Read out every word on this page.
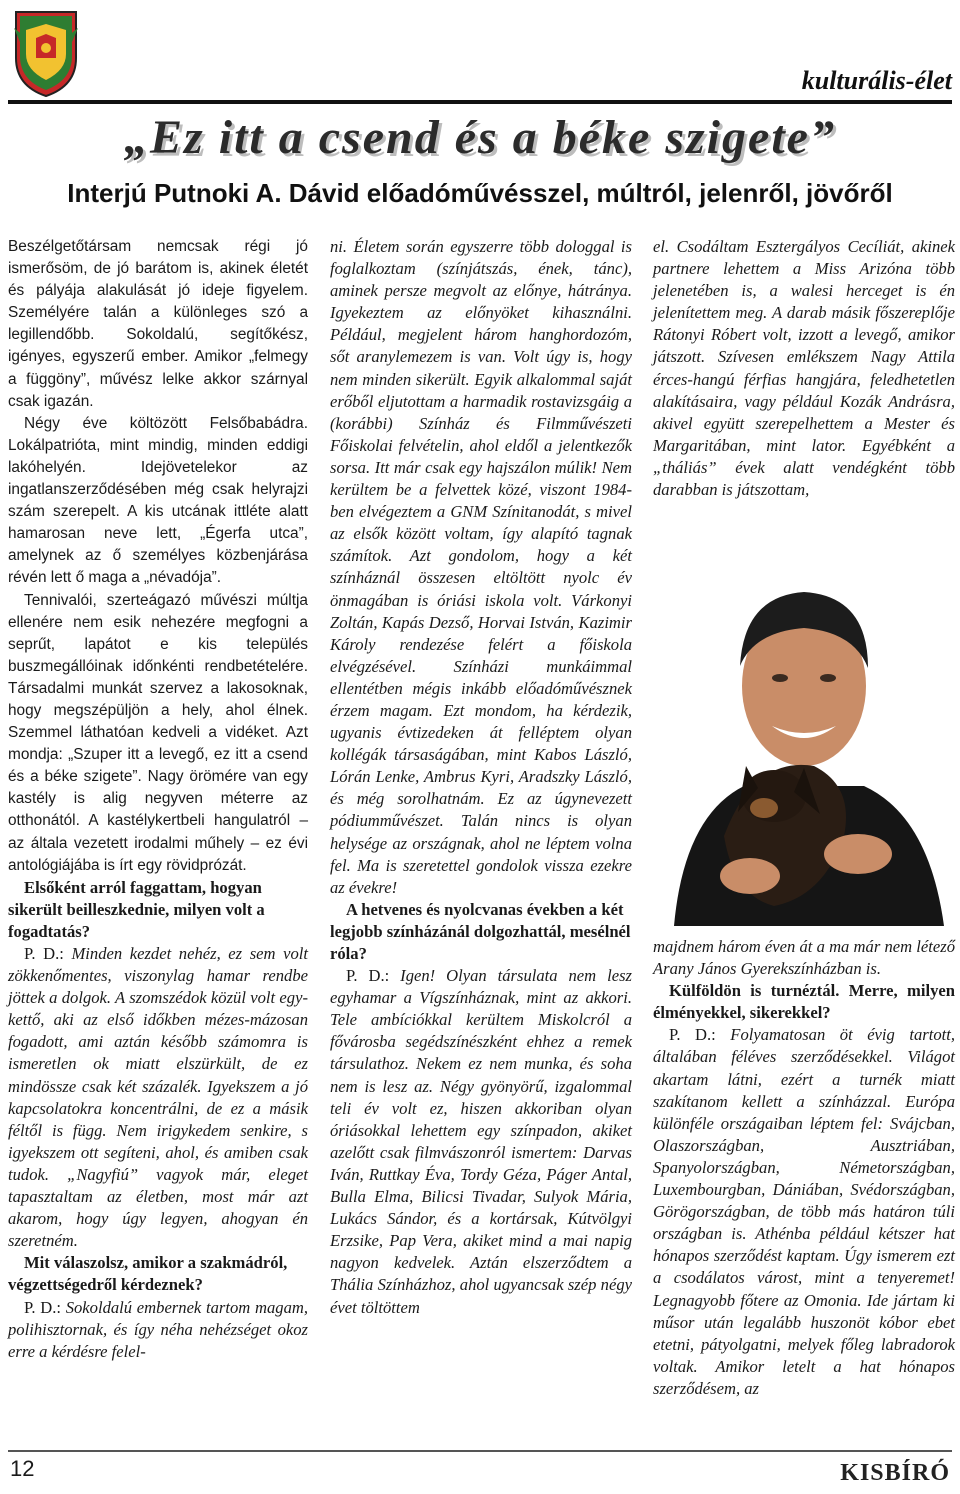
kulturális-élet
„Ez itt a csend és a béke szigete”
Interjú Putnoki A. Dávid előadóművésszel, múltról, jelenről, jövőről

Beszélgetőtársam nemcsak régi jó ismerősöm, de jó barátom is, akinek életét és pályája alakulását jó ideje figyelem. Személyére talán a különleges szó a legillendőbb. Sokoldalú, segítőkész, igényes, egyszerű ember. Amikor „felmegy a függöny”, művész lelke akkor szárnyal csak igazán.

Négy éve költözött Felsőbabádra. Lokálpatrióta, mint mindig, minden eddigi lakóhelyén. Idejövetelekor az ingatlanszerződésében még csak helyrajzi szám szerepelt. A kis utcának ittléte alatt hamarosan neve lett, „Égerfa utca”, amelynek az ő személyes közbenjárása révén lett ő maga a „névadója”.

Tennivalói, szerteágazó művészi múltja ellenére nem esik nehezére megfogni a seprűt, lapátot e kis település buszmegállóinak időnkénti rendbetételére. Társadalmi munkát szervez a lakosoknak, hogy megszépüljön a hely, ahol élnek. Szemmel láthatóan kedveli a vidéket. Azt mondja: „Szuper itt a levegő, ez itt a csend és a béke szigete”. Nagy örömére van egy kastély is alig negyven méterre az otthonától. A kastélykertbeli hangulatról – az általa vezetett irodalmi műhely – ez évi antológiájába is írt egy rövidprózát.

Elsőként arról faggattam, hogyan sikerült beilleszkednie, milyen volt a fogadtatás?

P. D.: Minden kezdet nehéz, ez sem volt zökkenőmentes, viszonylag hamar rendbe jöttek a dolgok. A szomszédok közül volt egy-kettő, aki az első időkben mézes-mázosan fogadott, ami aztán később számomra is ismeretlen ok miatt elszürkült, de ez mindössze csak két százalék. Igyekszem a jó kapcsolatokra koncentrálni, de ez a másik féltől is függ. Nem irigykedem senkire, s igyekszem ott segíteni, ahol, és amiben csak tudok. „Nagyfiú” vagyok már, eleget tapasztaltam az életben, most már azt akarom, hogy úgy legyen, ahogyan én szeretném.

Mit válaszolsz, amikor a szakmádról, végzettségedről kérdeznek?

P. D.: Sokoldalú embernek tartom magam, polihisztornak, és így néha nehézséget okoz erre a kérdésre felel-

ni. Életem során egyszerre több dologgal is foglalkoztam (színjátszás, ének, tánc), aminek persze megvolt az előnye, hátránya. Igyekeztem az előnyöket kihasználni. Például, megjelent három hanghordozóm, sőt aranylemezem is van. Volt úgy is, hogy nem minden sikerült. Egyik alkalommal saját erőből eljutottam a harmadik rostavizsgáig a (korábbi) Színház és Filmművészeti Főiskolai felvételin, ahol eldől a jelentkezők sorsa. Itt már csak egy hajszálon múlik! Nem kerültem be a felvettek közé, viszont 1984-ben elvégeztem a GNM Színitanodát, s mivel az elsők között voltam, így alapító tagnak számítok. Azt gondolom, hogy a két színháznál összesen eltöltött nyolc év önmagában is óriási iskola volt. Várkonyi Zoltán, Kapás Dezső, Horvai István, Kazimir Károly rendezése felért a főiskola elvégzésével. Színházi munkáimmal ellentétben mégis inkább előadóművésznek érzem magam. Ezt mondom, ha kérdezik, ugyanis évtizedeken át felléptem olyan kollégák társaságában, mint Kabos László, Lórán Lenke, Ambrus Kyri, Aradszky László, és még sorolhatnám. Ez az úgynevezett pódiumművészet. Talán nincs is olyan helysége az országnak, ahol ne léptem volna fel. Ma is szeretettel gondolok vissza ezekre az évekre!

A hetvenes és nyolcvanas években a két legjobb színházánál dolgozhattál, mesélnél róla?

P. D.: Igen! Olyan társulata nem lesz egyhamar a Vígszínháznak, mint az akkori. Tele ambíciókkal kerültem Miskolcról a fővárosba segédszínészként ehhez a remek társulathoz. Nekem ez nem munka, és soha nem is lesz az. Négy gyönyörű, izgalommal teli év volt ez, hiszen akkoriban olyan óriásokkal lehettem egy színpadon, akiket azelőtt csak filmvászonról ismertem: Darvas Iván, Ruttkay Éva, Tordy Géza, Páger Antal, Bulla Elma, Bilicsi Tivadar, Sulyok Mária, Lukács Sándor, és a kortársak, Kútvölgyi Erzsike, Pap Vera, akiket mind a mai napig nagyon kedvelek. Aztán elszerződtem a Thália Színházhoz, ahol ugyancsak szép négy évet töltöttem

el. Csodáltam Esztergályos Cecíliát, akinek partnere lehettem a Miss Arizóna több jelenetében is, a walesi herceget is én jelenítettem meg. A darab másik főszereplője Rátonyi Róbert volt, izzott a levegő, amikor játszott. Szívesen emlékszem Nagy Attila érces-hangú férfias hangjára, feledhetetlen alakításaira, vagy például Kozák Andrásra, akivel együtt szerepelhettem a Mester és Margaritában, mint lator. Egyébként a „tháliás” évek alatt vendégként több darabban is játszottam,

majdnem három éven át a ma már nem létező Arany János Gyerekszínházban is.

Külföldön is turnéztál. Merre, milyen élményekkel, sikerekkel?

P. D.: Folyamatosan öt évig tartott, általában féléves szerződésekkel. Világot akartam látni, ezért a turnék miatt szakítanom kellett a színházzal. Európa különféle országaiban léptem fel: Svájcban, Olaszországban, Ausztriában, Spanyolországban, Németországban, Luxembourgban, Dániában, Svédországban, Görögországban, de több más határon túli országban is. Athénba például kétszer hat hónapos szerződést kaptam. Úgy ismerem ezt a csodálatos várost, mint a tenyeremet! Legnagyobb főtere az Omonia. Ide jártam ki műsor után legalább huszonöt kóbor ebet etetni, pátyolgatni, melyek főleg labradorok voltak. Amikor letelt a hat hónapos szerződésem, az

12	KISBÍRÓ
